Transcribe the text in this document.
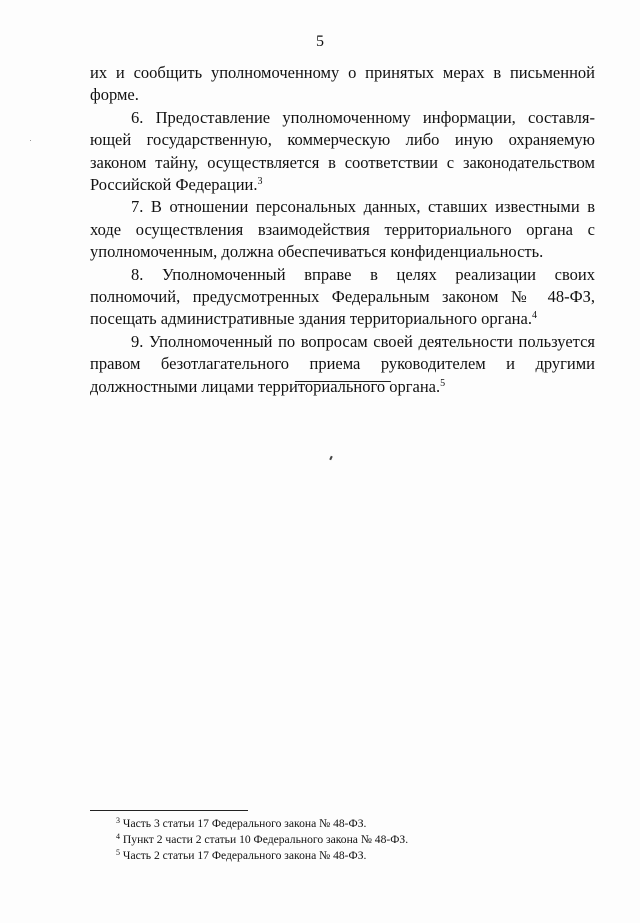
5

их и сообщить уполномоченному о принятых мерах в письменной форме.

6. Предоставление уполномоченному информации, составля- ющей государственную, коммерческую либо иную охраняемую законом тайну, осуществляется в соответствии с законодательством Российской Федерации.$^3$

7. В отношении персональных данных, ставших известными в ходе осуществления взаимодействия территориального органа с уполномоченным, должна обеспечиваться конфиденциальность.

8. Уполномоченный вправе в целях реализации своих полномочий, предусмотренных Федеральным законом № 48-ФЗ, посещать административные здания территориального органа.$^4$

9. Уполномоченный по вопросам своей деятельности пользуется правом безотлагательного приема руководителем и другими должностными лицами территориального органа.$^5$

$^3$ Часть 3 статьи 17 Федерального закона № 48-ФЗ.

$^4$ Пункт 2 части 2 статьи 10 Федерального закона № 48-ФЗ.

$^5$ Часть 2 статьи 17 Федерального закона № 48-ФЗ.
